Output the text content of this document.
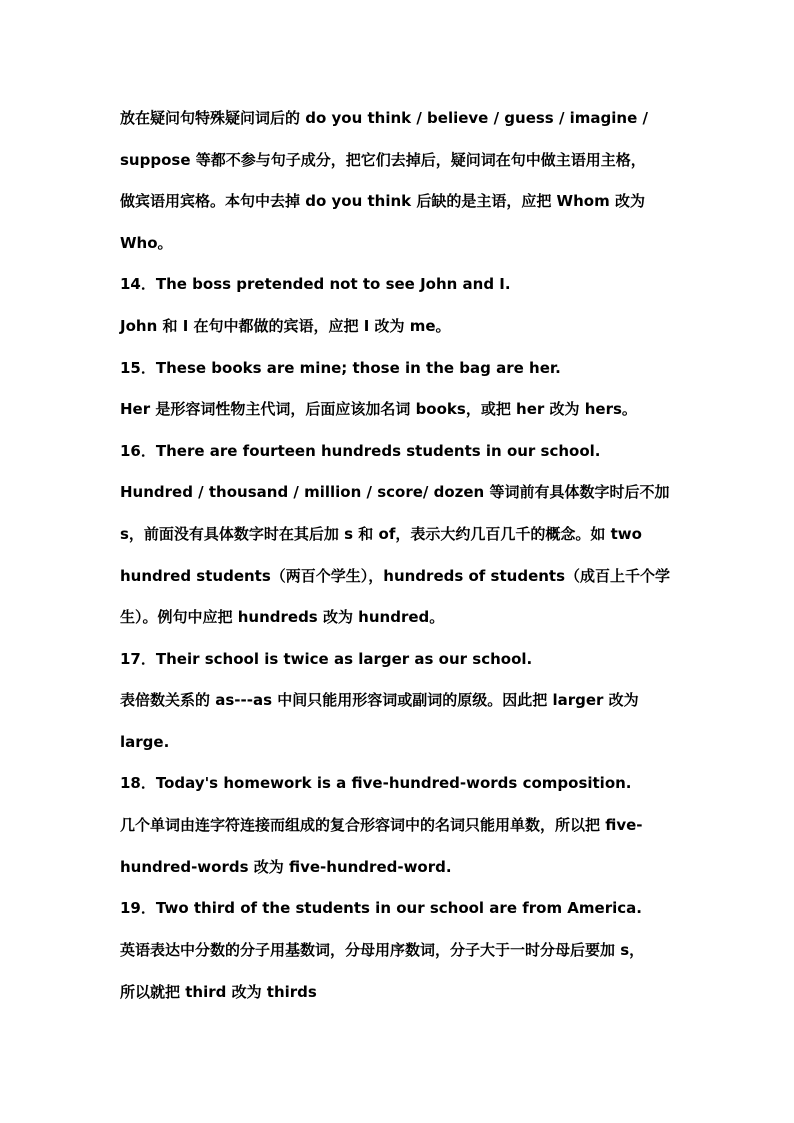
放在疑问句特殊疑问词后的 do you think / believe / guess / imagine /
suppose 等都不参与句子成分，把它们去掉后，疑问词在句中做主语用主格，
做宾语用宾格。本句中去掉 do you think 后缺的是主语，应把 Whom 改为
Who。
14．The boss pretended not to see John and I.
John 和 I 在句中都做的宾语，应把 I 改为 me。
15．These books are mine; those in the bag are her.
Her 是形容词性物主代词，后面应该加名词 books，或把 her 改为 hers。
16．There are fourteen hundreds students in our school.
Hundred / thousand / million / score/ dozen 等词前有具体数字时后不加
s，前面没有具体数字时在其后加 s 和 of，表示大约几百几千的概念。如 two
hundred students（两百个学生），hundreds of students（成百上千个学
生）。例句中应把 hundreds 改为 hundred。
17．Their school is twice as larger as our school.
表倍数关系的 as---as 中间只能用形容词或副词的原级。因此把 larger 改为
large.
18．Today's homework is a five-hundred-words composition.
几个单词由连字符连接而组成的复合形容词中的名词只能用单数，所以把 five-
hundred-words 改为 five-hundred-word.
19．Two third of the students in our school are from America.
英语表达中分数的分子用基数词，分母用序数词，分子大于一时分母后要加 s，
所以就把 third 改为 thirds
